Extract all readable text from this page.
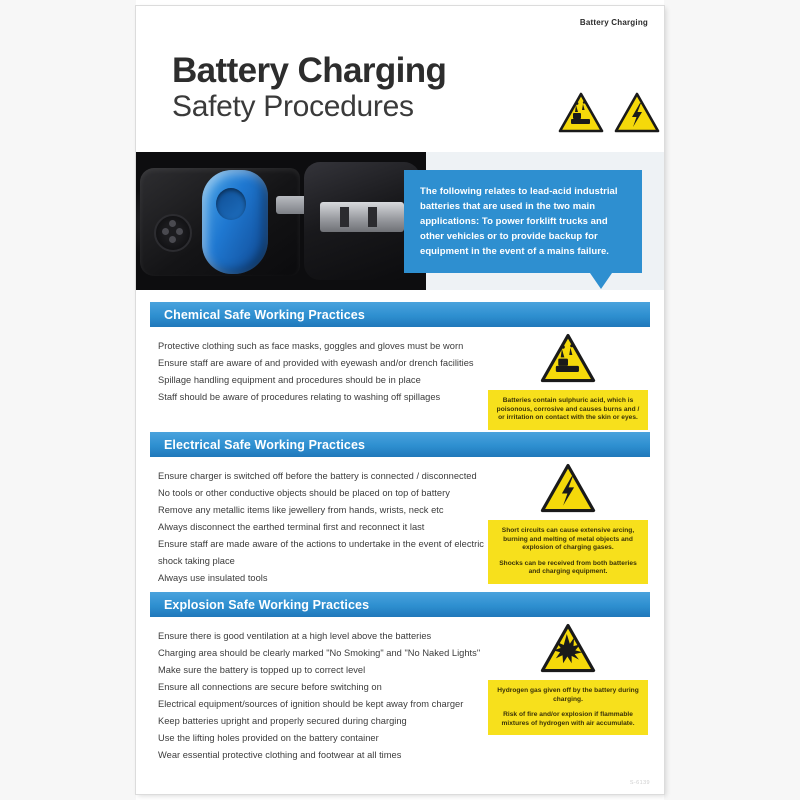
Battery Charging
Battery Charging
Safety Procedures
The following relates to lead-acid industrial batteries that are used in the two main applications: To power forklift trucks and other vehicles or to provide backup for equipment in the event of a mains failure.
Chemical Safe Working Practices
Protective clothing such as face masks, goggles and gloves must be worn
Ensure staff are aware of and provided with eyewash and/or drench facilities
Spillage handling equipment and procedures should be in place
Staff should be aware of procedures relating to washing off spillages	Batteries contain sulphuric acid, which is poisonous, corrosive and causes burns and / or irritation on contact with the skin or eyes.

Electrical Safe Working Practices
Ensure charger is switched off before the battery is connected / disconnected
No tools or other conductive objects should be placed on top of battery
Remove any metallic items like jewellery from hands, wrists, neck etc
Always disconnect the earthed terminal first and reconnect it last
Ensure staff are made aware of the actions to undertake in the event of electric shock taking place
Always use insulated tools

Short circuits can cause extensive arcing, burning and melting of metal objects and explosion of charging gases.

Shocks can be received from both batteries and charging equipment.

Explosion Safe Working Practices
Ensure there is good ventilation at a high level above the batteries
Charging area should be clearly marked "No Smoking" and "No Naked Lights"
Make sure the battery is topped up to correct level
Ensure all connections are secure before switching on
Electrical equipment/sources of ignition should be kept away from charger
Keep batteries upright and properly secured during charging
Use the lifting holes provided on the battery container
Wear essential protective clothing and footwear at all times

Hydrogen gas given off by the battery during charging.

Risk of fire and/or explosion if flammable mixtures of hydrogen with air accumulate.

S-6139
